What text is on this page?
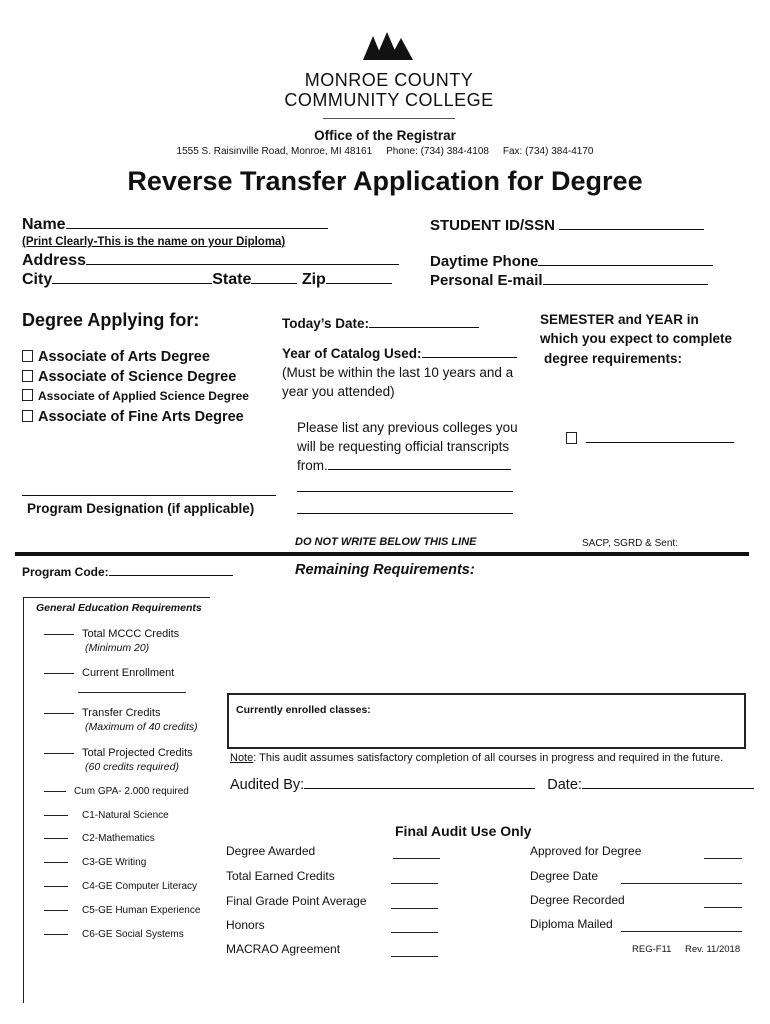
MONROE COUNTY
COMMUNITY COLLEGE
Office of the Registrar
1555 S. Raisinville Road, Monroe, MI 48161 Phone: (734) 384-4108 Fax: (734) 384-4170
Reverse Transfer Application for Degree
Name
(Print Clearly-This is the name on your Diploma)
STUDENT ID/SSN
Address	Daytime Phone
City	State	Zip	Personal E-mail
Degree Applying for:	Today’s Date:	SEMESTER and YEAR in
which you expect to complete
degree requirements:
Associate of Arts Degree
Associate of Science Degree
Associate of Applied Science Degree
Associate of Fine Arts Degree
Year of Catalog Used:
(Must be within the last 10 years and a
year you attended)
Please list any previous colleges you
will be requesting official transcripts
from.

Program Designation (if applicable)
DO NOT WRITE BELOW THIS LINE	SACP, SGRD & Sent:
Program Code:	Remaining Requirements:
General Education Requirements
Total MCCC Credits
(Minimum 20)
Current Enrollment
Transfer Credits
(Maximum of 40 credits)
Total Projected Credits
(60 credits required)
Cum GPA- 2.000 required
C1-Natural Science
C2-Mathematics
C3-GE Writing
C4-GE Computer Literacy
C5-GE Human Experience
C6-GE Social Systems
Currently enrolled classes:
Note: This audit assumes satisfactory completion of all courses in progress and required in the future.
Audited By:	Date:
Final Audit Use Only
Degree Awarded
Total Earned Credits
Final Grade Point Average
Honors
MACRAO Agreement
Approved for Degree
Degree Date
Degree Recorded
Diploma Mailed
REG-F11 Rev. 11/2018
